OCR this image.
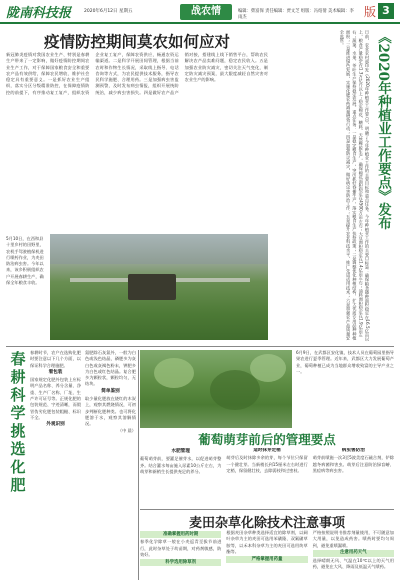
陇南科技报	2020年6月12日 星期五	战农情	编辑：柴富保 责任编辑：贾文芝 组版：冯绍倩 美术编辑：李雨杰	版 3
疫情防控期间莫农如何应对
新冠肺炎疫情对我国农业生产、特别是春耕生产带来了一定影响，做好疫情防控期间农业生产工作，对于保障国家粮食安全和重要农产品有效供给，保障农民增收、维护社会稳定具有重要意义。一是抓好农业生产组织，落实分区分级精准防控，在保障疫情防控的前提下，有序推动复工复产，组织农资企业复工复产，保障农资供应，畅通农资运输渠道。二是科学开展田间管理，根据当前农时和作物生长情况，采取线上指导、电话咨询等方式，为农民提供技术服务，指导农民科学施肥、合理用药。三是加强病虫害监测预警，及时发布病虫情报，组织开展统防统治，减少病虫害损失。四是做好农产品产销对接，搭建线上线下销售平台，帮助农民解决农产品卖难问题，稳定农民收入。五是加强农业防灾减灾，密切关注天气变化，制定防灾减灾预案，最大限度减轻自然灾害对农业生产的影响。
5月10日，在西和县十里乡村的田野里，农机手驾驶植保机进行喷药作业，为麦田防治病虫害。今年以来，该乡积极组织农户开展春耕生产，确保全年粮食丰收。	日前，农业农村部印发《2020年种植业工作要点》，明确了今年种植业工作的主要目标和重点任务。今年种植业工作的主要目标是：确保粮食播种面积稳定在16.5亿亩以上，粮食产量稳定在1.3万亿斤以上；稳定棉花、糖料、天然橡胶生产，确保棉花面积稳定在4500万亩左右；大豆面积稳定在1.4亿亩左右；油料面积稳定在1.9亿亩左右；蔬菜、水果、茶叶生产保持稳定发展。重点任务：一是稳定粮食生产，突出抓好春播生产，落实粮食生产扶持政策；二是调整优化种植结构，扩大优质专用品种种植面积；三是推进绿色发展，实施化肥农药减量增效行动；四是加强防灾减灾，做好病虫害防治工作；五是提升农业科技水平，推广先进适用技术；六是加强农产品质量安全监管。	《2020年种植业工作要点》发布
春耕科学挑选化肥
春耕时节，农户在选购化肥时要注意以下几个方面，以保证科学合理施肥。
看包装
国家规定化肥外包装上应标明产品名称、养分含量、净重、生产厂名称、厂址、生产许可证号等。正规化肥的包装规范、字迹清晰，而假冒伪劣化肥包装粗糙、标识不全。
外观识别
氮肥除石灰氮外，一般为白色或浅色结晶，磷肥多为灰白色或灰褐色粉末，钾肥多为白色或红色结晶。复合肥多为颗粒状，颗粒均匀，无结块。
简单鉴别
取少量化肥放在烧红的木炭上，观察其燃烧情况，可初步判断化肥种类。也可将化肥溶于水，观察其溶解情况。
（中 晨）
6月9日，在武都区安化镇，技术人员在葡萄园里指导果农进行夏季管理。近年来，武都区大力发展葡萄产业，葡萄种植已成为当地群众增收致富的主导产业之一。
葡萄萌芽前后的管理要点
水肥管理
葡萄萌芽前，要灌足催芽水，以促进萌芽整齐。结合灌水每亩施入尿素10公斤左右，为萌芽和新梢生长提供充足的养分。
适时抹芽定梢
萌芽后及时抹除多余的芽，每个节位只保留一个健壮芽。当新梢长到15厘米左右时进行定梢，保留健壮枝，去除弱枝和过密枝。
病虫害防治
萌芽前喷施一次3至5波美度石硫合剂，铲除越冬病菌和害虫。萌芽后注意防治绿盲蝽、黑痘病等病虫害。
麦田杂草化除技术注意事项
准确掌握用药时期
春季化学除草一般在小麦返青至拔节前进行，此时杂草处于幼苗期，对药剂敏感，防效好。
科学选用除草剂
根据麦田杂草种类选择适宜的除草剂，以阔叶杂草为主的麦田可选用苯磺隆、双氟磺草胺等，以禾本科杂草为主的麦田可选用炔草酯等。
严格掌握用药量
严格按照说明书推荐剂量使用，不可随意加大用量，以免造成药害。喷药时要均匀周到，避免重喷漏喷。
注意用药天气
选择晴朗无风、气温在10℃以上的天气用药，避免在大风、降雨及低温天气喷药。
